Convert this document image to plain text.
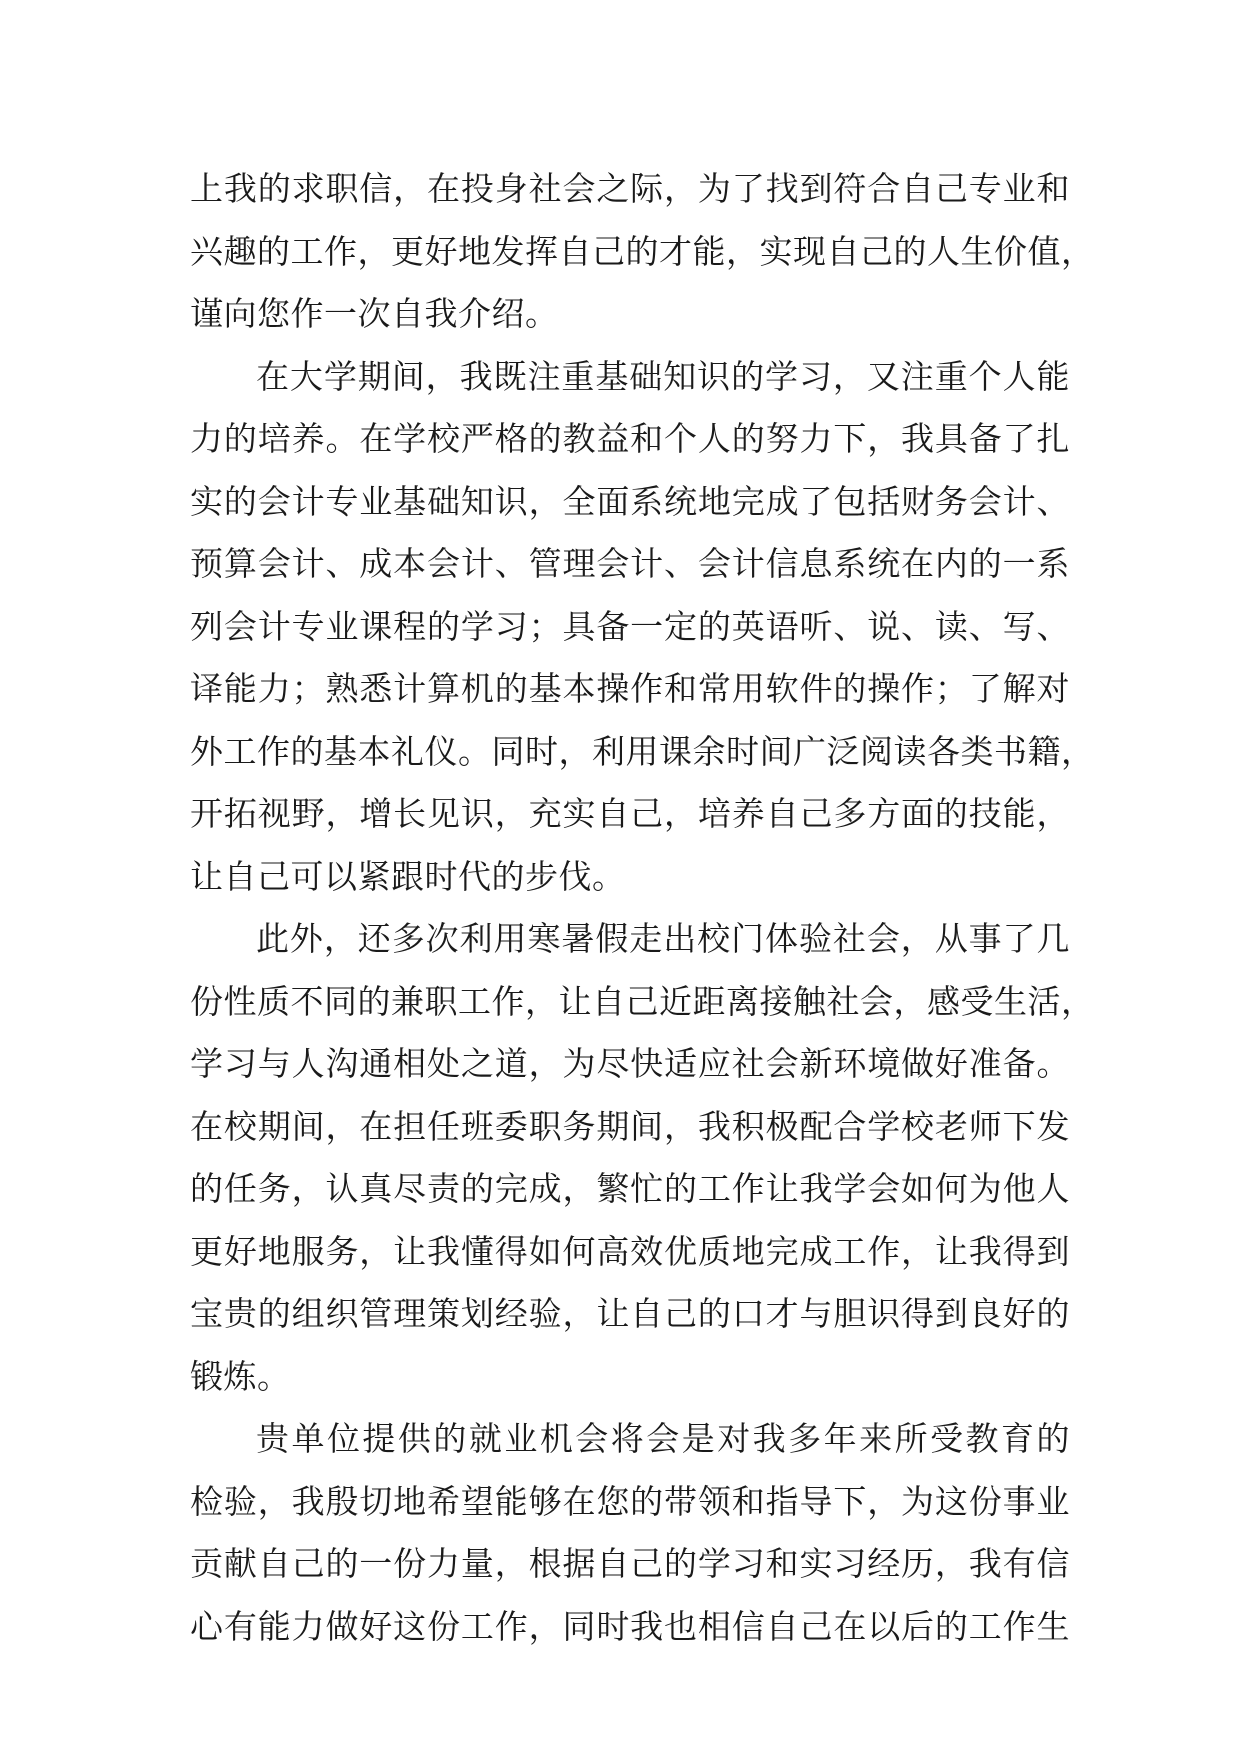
上我的求职信，在投身社会之际，为了找到符合自己专业和
兴趣的工作，更好地发挥自己的才能，实现自己的人生价值，
谨向您作一次自我介绍。
在大学期间，我既注重基础知识的学习，又注重个人能
力的培养。在学校严格的教益和个人的努力下，我具备了扎
实的会计专业基础知识，全面系统地完成了包括财务会计、
预算会计、成本会计、管理会计、会计信息系统在内的一系
列会计专业课程的学习；具备一定的英语听、说、读、写、
译能力；熟悉计算机的基本操作和常用软件的操作；了解对
外工作的基本礼仪。同时，利用课余时间广泛阅读各类书籍，
开拓视野，增长见识，充实自己，培养自己多方面的技能，
让自己可以紧跟时代的步伐。
此外，还多次利用寒暑假走出校门体验社会，从事了几
份性质不同的兼职工作，让自己近距离接触社会，感受生活，
学习与人沟通相处之道，为尽快适应社会新环境做好准备。
在校期间，在担任班委职务期间，我积极配合学校老师下发
的任务，认真尽责的完成，繁忙的工作让我学会如何为他人
更好地服务，让我懂得如何高效优质地完成工作，让我得到
宝贵的组织管理策划经验，让自己的口才与胆识得到良好的
锻炼。
贵单位提供的就业机会将会是对我多年来所受教育的
检验，我殷切地希望能够在您的带领和指导下，为这份事业
贡献自己的一份力量，根据自己的学习和实习经历，我有信
心有能力做好这份工作，同时我也相信自己在以后的工作生
